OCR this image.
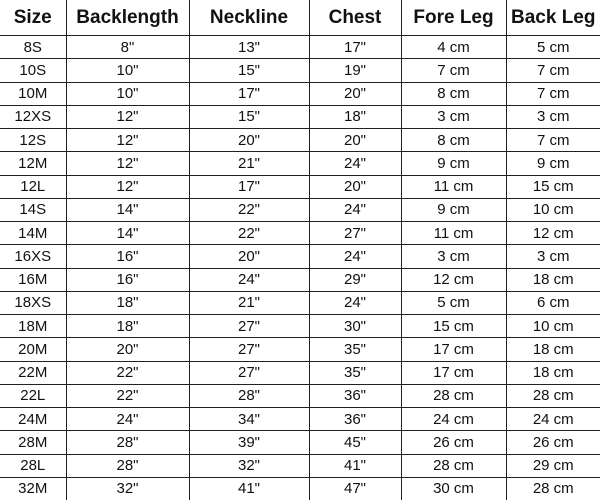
Size	Backlength	Neckline	Chest	Fore Leg	Back Leg
8S	8"	13"	17"	4 cm	5 cm
10S	10"	15"	19"	7 cm	7 cm
10M	10"	17"	20"	8 cm	7 cm
12XS	12"	15"	18"	3 cm	3 cm
12S	12"	20"	20"	8 cm	7 cm
12M	12"	21"	24"	9 cm	9 cm
12L	12"	17"	20"	11 cm	15 cm
14S	14"	22"	24"	9 cm	10 cm
14M	14"	22"	27"	11 cm	12 cm
16XS	16"	20"	24"	3 cm	3 cm
16M	16"	24"	29"	12 cm	18 cm
18XS	18"	21"	24"	5 cm	6 cm
18M	18"	27"	30"	15 cm	10 cm
20M	20"	27"	35"	17 cm	18 cm
22M	22"	27"	35"	17 cm	18 cm
22L	22"	28"	36"	28 cm	28 cm
24M	24"	34"	36"	24 cm	24 cm
28M	28"	39"	45"	26 cm	26 cm
28L	28"	32"	41"	28 cm	29 cm
32M	32"	41"	47"	30 cm	28 cm
